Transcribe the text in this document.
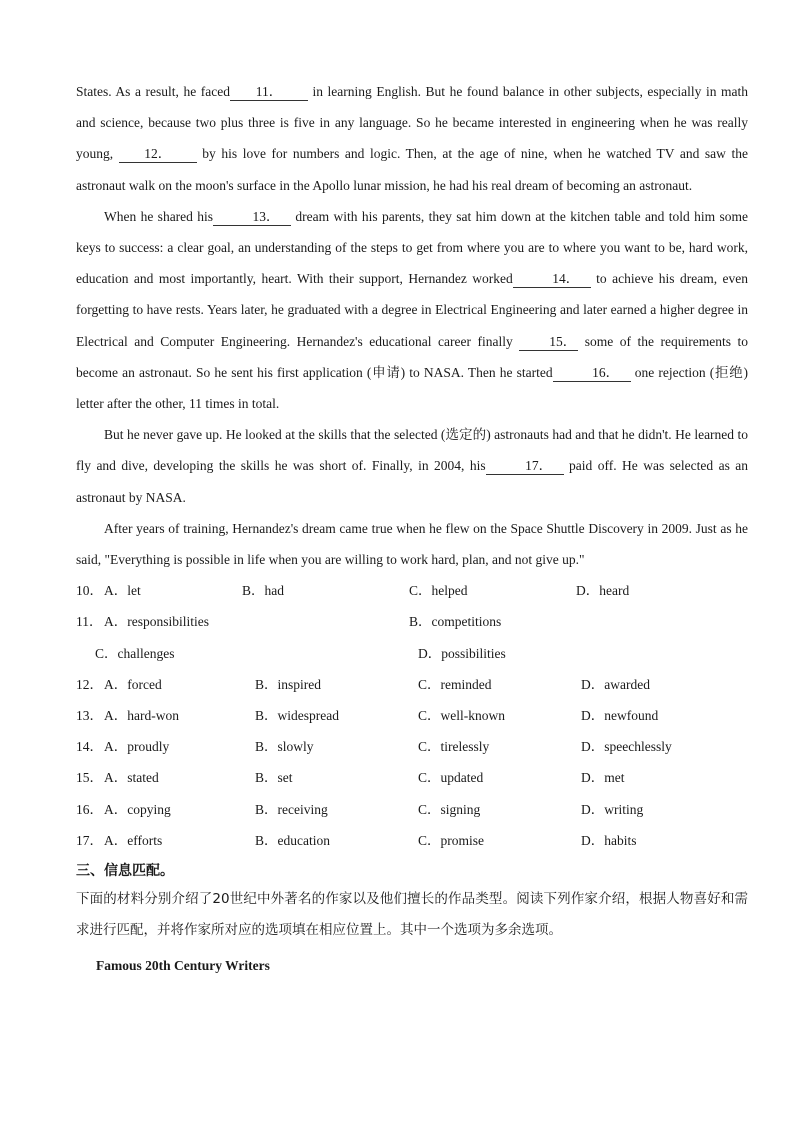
States. As a result, he faced 11． in learning English. But he found balance in other subjects, especially in math and science, because two plus three is five in any language. So he became interested in engineering when he was really young, 12． by his love for numbers and logic. Then, at the age of nine, when he watched TV and saw the astronaut walk on the moon's surface in the Apollo lunar mission, he had his real dream of becoming an astronaut.

When he shared his	13． dream with his parents, they sat him down at the kitchen table and told him some keys to success: a clear goal, an understanding of the steps to get from where you are to where you want to be, hard work, education and most importantly, heart. With their support, Hernandez worked	14． to achieve his dream, even forgetting to have rests. Years later, he graduated with a degree in Electrical Engineering and later earned a higher degree in Electrical and Computer Engineering. Hernandez's educational career finally 15． some of the requirements to become an astronaut. So he sent his first application (申请) to NASA. Then he started	16． one rejection (拒绝) letter after the other, 11 times in total.

But he never gave up. He looked at the skills that the selected (选定的) astronauts had and that he didn't. He learned to fly and dive, developing the skills he was short of. Finally, in 2004, his	17． paid off. He was selected as an astronaut by NASA.

After years of training, Hernandez's dream came true when he flew on the Space Shuttle Discovery in 2009. Just as he said, "Everything is possible in life when you are willing to work hard, plan, and not give up."

10． A．let	B．had	C．helped	D．heard
11． A．responsibilities	B．competitions
C．challenges	D．possibilities
12． A．forced	B．inspired	C．reminded	D．awarded
13． A．hard-won	B．widespread	C．well-known	D．newfound
14． A．proudly	B．slowly	C．tirelessly	D．speechlessly
15． A．stated	B．set	C．updated	D．met
16． A．copying	B．receiving	C．signing	D．writing
17． A．efforts	B．education	C．promise	D．habits
三、信息匹配。

下面的材料分别介绍了20世纪中外著名的作家以及他们擅长的作品类型。阅读下列作家介绍，根据人物喜好和需求进行匹配，并将作家所对应的选项填在相应位置上。其中一个选项为多余选项。

Famous 20th Century Writers
